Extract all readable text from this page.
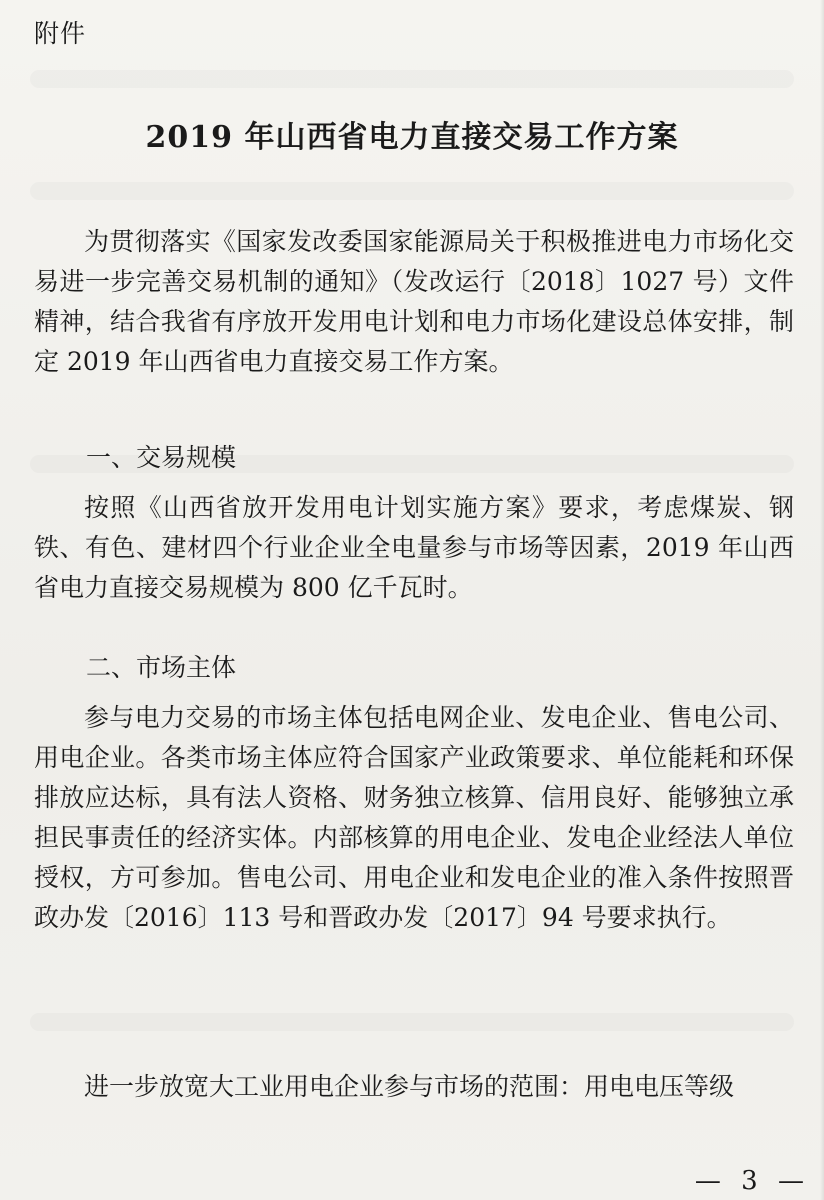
附件
2019 年山西省电力直接交易工作方案

为贯彻落实《国家发改委国家能源局关于积极推进电力市场化交易进一步完善交易机制的通知》（发改运行〔2018〕1027 号）文件精神，结合我省有序放开发用电计划和电力市场化建设总体安排，制定 2019 年山西省电力直接交易工作方案。

一、交易规模

按照《山西省放开发用电计划实施方案》要求，考虑煤炭、钢铁、有色、建材四个行业企业全电量参与市场等因素，2019 年山西省电力直接交易规模为 800 亿千瓦时。

二、市场主体

参与电力交易的市场主体包括电网企业、发电企业、售电公司、用电企业。各类市场主体应符合国家产业政策要求、单位能耗和环保排放应达标，具有法人资格、财务独立核算、信用良好、能够独立承担民事责任的经济实体。内部核算的用电企业、发电企业经法人单位授权，方可参加。售电公司、用电企业和发电企业的准入条件按照晋政办发〔2016〕113 号和晋政办发〔2017〕94 号要求执行。

进一步放宽大工业用电企业参与市场的范围：用电电压等级

— 3 —
